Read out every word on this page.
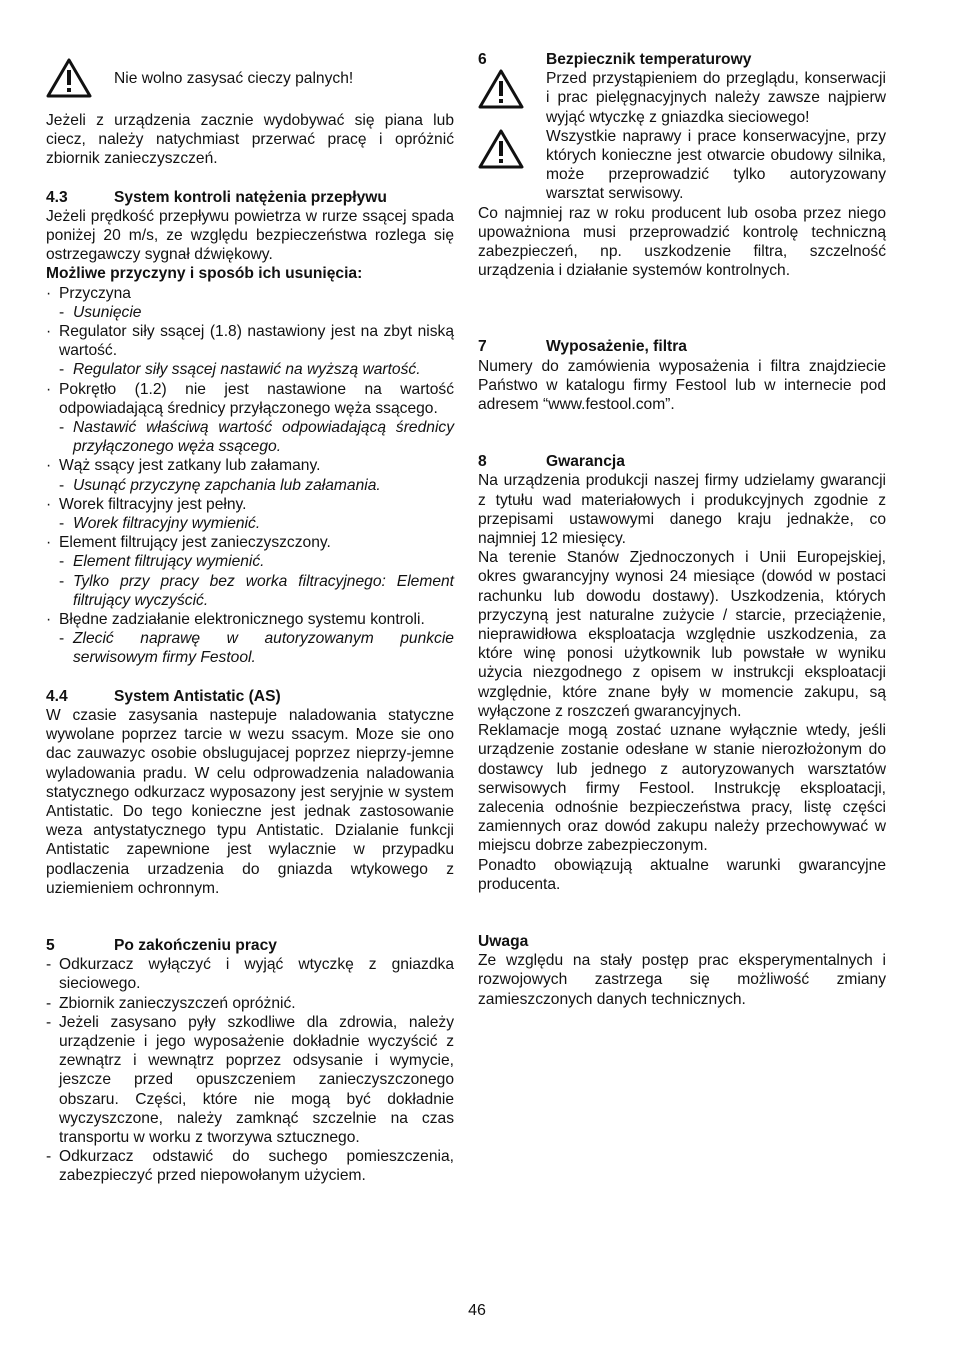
Nie wolno zasysać cieczy palnych!

Jeżeli z urządzenia zacznie wydobywać się piana lub ciecz, należy natychmiast przerwać pracę i opróżnić zbiornik zanieczyszczeń.

4.3	System kontroli natężenia przepływu

Jeżeli prędkość przepływu powietrza w rurze ssącej spada poniżej 20 m/s, ze względu bezpieczeństwa rozlega się ostrzegawczy sygnał dźwiękowy.

Możliwe przyczyny i sposób ich usunięcia:

· Przyczyna
- Usunięcie
· Regulator siły ssącej (1.8) nastawiony jest na zbyt niską wartość.
- Regulator siły ssącej nastawić na wyższą wartość.
· Pokrętło (1.2) nie jest nastawione na wartość odpowiadającą średnicy przyłączonego węża ssącego.
- Nastawić właściwą wartość odpowiadającą średnicy przyłączonego węża ssącego.
· Wąż ssący jest zatkany lub załamany.
- Usunąć przyczynę zapchania lub załamania.
· Worek filtracyjny jest pełny.
- Worek filtracyjny wymienić.
· Element filtrujący jest zanieczyszczony.
- Element filtrujący wymienić.
- Tylko przy pracy bez worka filtracyjnego: Element filtrujący wyczyścić.
· Błędne zadziałanie elektronicznego systemu kontroli.
- Zlecić naprawę w autoryzowanym punkcie serwisowym firmy Festool.
4.4	System Antistatic (AS)

W czasie zasysania nastepuje naladowania statyczne wywolane poprzez tarcie w wezu ssacym. Moze sie ono dac zauwazyc osobie obslugujacej poprzez nieprzy-jemne wyladowania pradu. W celu odprowadzenia naladowania statycznego odkurzacz wyposazony jest seryjnie w system Antistatic. Do tego konieczne jest jednak zastosowanie weza antystatycznego typu Antistatic. Dzialanie funkcji Antistatic zapewnione jest wylacznie w przypadku podlaczenia urzadzenia do gniazda wtykowego z uziemieniem ochronnym.

5	Po zakończeniu pracy
- Odkurzacz wyłączyć i wyjąć wtyczkę z gniazdka sieciowego.
- Zbiornik zanieczyszczeń opróżnić.
- Jeżeli zasysano pyły szkodliwe dla zdrowia, należy urządzenie i jego wyposażenie dokładnie wyczyścić z zewnątrz i wewnątrz poprzez odsysanie i wymycie, jeszcze przed opuszczeniem zanieczyszczonego obszaru. Części, które nie mogą być dokładnie wyczyszczone, należy zamknąć szczelnie na czas transportu w worku z tworzywa sztucznego.
- Odkurzacz odstawić do suchego pomieszczenia, zabezpieczyć przed niepowołanym użyciem.
6	Bezpiecznik temperaturowy

Przed przystąpieniem do przeglądu, konserwacji i prac pielęgnacyjnych należy zawsze najpierw wyjąć wtyczkę z gniazdka sieciowego!

Wszystkie naprawy i prace konserwacyjne, przy których konieczne jest otwarcie obudowy silnika, może przeprowadzić tylko autoryzowany warsztat serwisowy.

Co najmniej raz w roku producent lub osoba przez niego upoważniona musi przeprowadzić kontrolę techniczną zabezpieczeń, np. uszkodzenie filtra, szczelność urządzenia i działanie systemów kontrolnych.

7	Wyposażenie, filtra

Numery do zamówienia wyposażenia i filtra znajdziecie Państwo w katalogu firmy Festool lub w internecie pod adresem “www.festool.com”.

8	Gwarancja

Na urządzenia produkcji naszej firmy udzielamy gwarancji z tytułu wad materiałowych i produkcyjnych zgodnie z przepisami ustawowymi danego kraju jednakże, co najmniej 12 miesięcy.

Na terenie Stanów Zjednoczonych i Unii Europejskiej, okres gwarancyjny wynosi 24 miesiące (dowód w postaci rachunku lub dowodu dostawy). Uszkodzenia, których przyczyną jest naturalne zużycie / starcie, przeciążenie, nieprawidłowa eksploatacja względnie uszkodzenia, za które winę ponosi użytkownik lub powstałe w wyniku użycia niezgodnego z opisem w instrukcji eksploatacji względnie, które znane były w momencie zakupu, są wyłączone z roszczeń gwarancyjnych.

Reklamacje mogą zostać uznane wyłącznie wtedy, jeśli urządzenie zostanie odesłane w stanie nierozłożonym do dostawcy lub jednego z autoryzowanych warsztatów serwisowych firmy Festool. Instrukcję eksploatacji, zalecenia odnośnie bezpieczeństwa pracy, listę części zamiennych oraz dowód zakupu należy przechowywać w miejscu dobrze zabezpieczonym.

Ponadto obowiązują aktualne warunki gwarancyjne producenta.

Uwaga

Ze względu na stały postęp prac eksperymentalnych i rozwojowych zastrzega się możliwość zmiany zamieszczonych danych technicznych.

46
